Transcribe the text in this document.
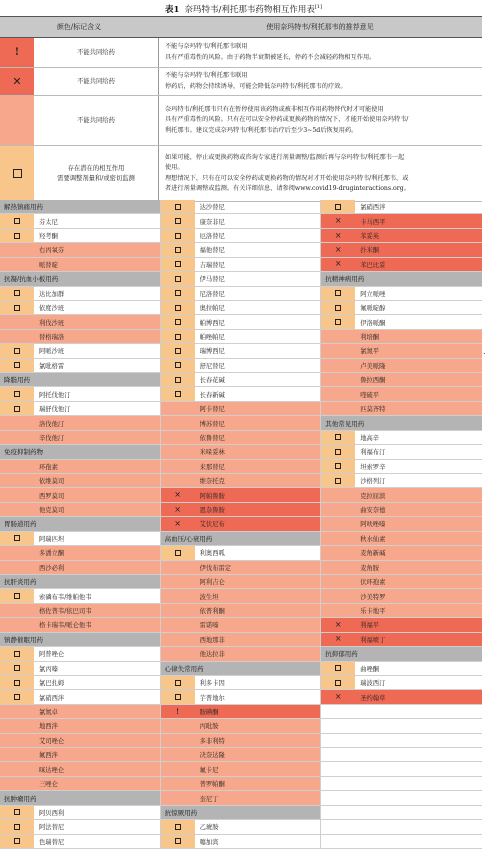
表1 奈玛特韦/利托那韦药物相互作用表[1]
颜色/标记含义	使用奈玛特韦/利托那韦的推荐意见
!	不能共同给药
不能与奈玛特韦/利托那韦联用
具有严重毒性的风险。由于药物半衰期被延长，停药不会减轻药物相互作用。
✕	不能共同给药
不能与奈玛特韦/利托那韦联用
停药后，药物会持续诱导，可能会降低奈玛特韦/利托那韦的疗效。
不能共同给药
奈玛特韦/利托那韦只有在暂停使用该药物或被非相互作用药物替代时才可能使用
具有严重毒性的风险。只有在可以安全停药或更换药物的情况下，才能开始使用奈玛特韦/
利托那韦。建议完成奈玛特韦/利托那韦治疗后至少3~5d后恢复用药。
存在潜在的相互作用
需要调整剂量和/或密切监测
如果可能，停止或更换药物或咨询专家进行剂量调整/监测后再与奈玛特韦/利托那韦一起
使用。
理想情况下，只有在可以安全停药或更换药物的情况对才开始使用奈玛特韦/利托那韦，或
者进行剂量调整或监测。有关详细信息，请参阅www.covid19-druginteractions.org。
解热镇痛用药	达沙替尼	氯硝西泮
芬太尼	康奈非尼	×	卡马西平
羟考酮	厄洛替尼	×	苯妥英
右丙氧芬	福他替尼	×	扑米酮
哌替啶	吉瑞替尼	×	苯巴比妥
抗凝/抗血小板用药	伊马替尼	抗精神病用药
达比加群	尼洛替尼	阿立哌唑
依度沙班	奥拉帕尼	氟哌啶醇
利伐沙班	帕博西尼	伊洛哌酮
替格瑞洛	帕唑帕尼	利培酮
阿哌沙班	瑞博西尼	氯氮平
氯吡格雷	舒尼替尼	卢美哌隆
降脂用药	长春花碱	鲁拉西酮
阿托伐他汀	长春新碱	喹硫平
瑞舒伐他汀	阿卡替尼	匹莫齐特
洛伐他汀	博苏替尼	其他常见用药
辛伐他汀	依鲁替尼	地高辛
免疫抑制药物	米哚妥林	利福布汀
环孢素	来那替尼	坦索罗辛
依维莫司	维奈托克	沙格列汀
西罗莫司	×	阿帕鲁胺	克拉屈滨
他克莫司	×	恩杂鲁胺	曲安奈德
胃肠道用药	×	艾伏尼布	阿呋唑嗪
阿瑞匹坦	高血压/心衰用药	秋水仙素
多潘立酮	利奥西呱	麦角新碱
西沙必利	伊伐布雷定	麦角胺
抗肝炎用药	阿利吉仑	伏环孢素
索磷布韦/维帕他韦	波生坦	沙美特罗
格佐普韦/依巴司韦	依普利酮	乐卡地平
格卡瑞韦/哌仑他韦	雷诺嗪	×	利福平
镇静催眠用药	西地那非	×	利福喷丁
阿普唑仑	他达拉非	抗抑郁用药
氯丙嗪	心律失常用药	曲唑酮
氯巴扎姆	利多卡因	瑞波西汀
氯硝西泮	芋普地尔	×	圣约翰草
氯氮卓	!	胺碘酮
地西泮	丙吡胺
艾司唑仑	多非利特
氟西泮	决奈达隆
咪达唑仑	氟卡尼
三唑仑	普罗帕酮
抗肿瘤用药	奎尼丁
阿贝西利	抗惊厥用药
阿法替尼	乙琥胺
色瑞替尼	噻加宾
.
